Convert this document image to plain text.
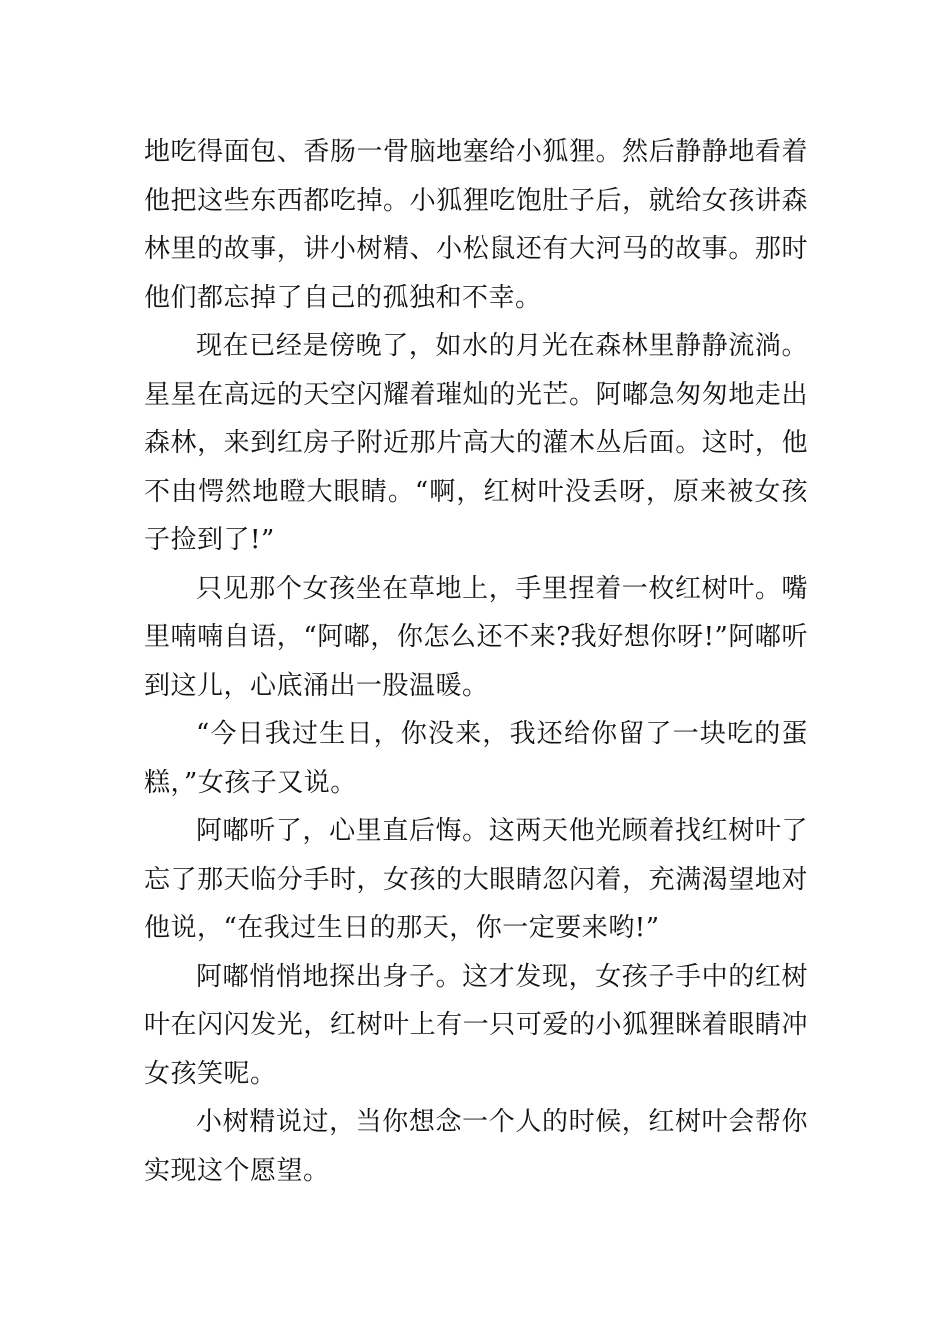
地吃得面包、香肠一骨脑地塞给小狐狸。然后静静地看着他把这些东西都吃掉。小狐狸吃饱肚子后，就给女孩讲森林里的故事，讲小树精、小松鼠还有大河马的故事。那时他们都忘掉了自己的孤独和不幸。

现在已经是傍晚了，如水的月光在森林里静静流淌。星星在高远的天空闪耀着璀灿的光芒。阿嘟急匆匆地走出森林，来到红房子附近那片高大的灌木丛后面。这时，他不由愕然地瞪大眼睛。“啊，红树叶没丢呀，原来被女孩子捡到了!”

只见那个女孩坐在草地上，手里捏着一枚红树叶。嘴里喃喃自语，“阿嘟，你怎么还不来?我好想你呀!”阿嘟听到这儿，心底涌出一股温暖。

“今日我过生日，你没来，我还给你留了一块吃的蛋糕，”女孩子又说。

阿嘟听了，心里直后悔。这两天他光顾着找红树叶了忘了那天临分手时，女孩的大眼睛忽闪着，充满渴望地对他说，“在我过生日的那天，你一定要来哟!”

阿嘟悄悄地探出身子。这才发现，女孩子手中的红树叶在闪闪发光，红树叶上有一只可爱的小狐狸眯着眼睛冲女孩笑呢。

小树精说过，当你想念一个人的时候，红树叶会帮你实现这个愿望。
